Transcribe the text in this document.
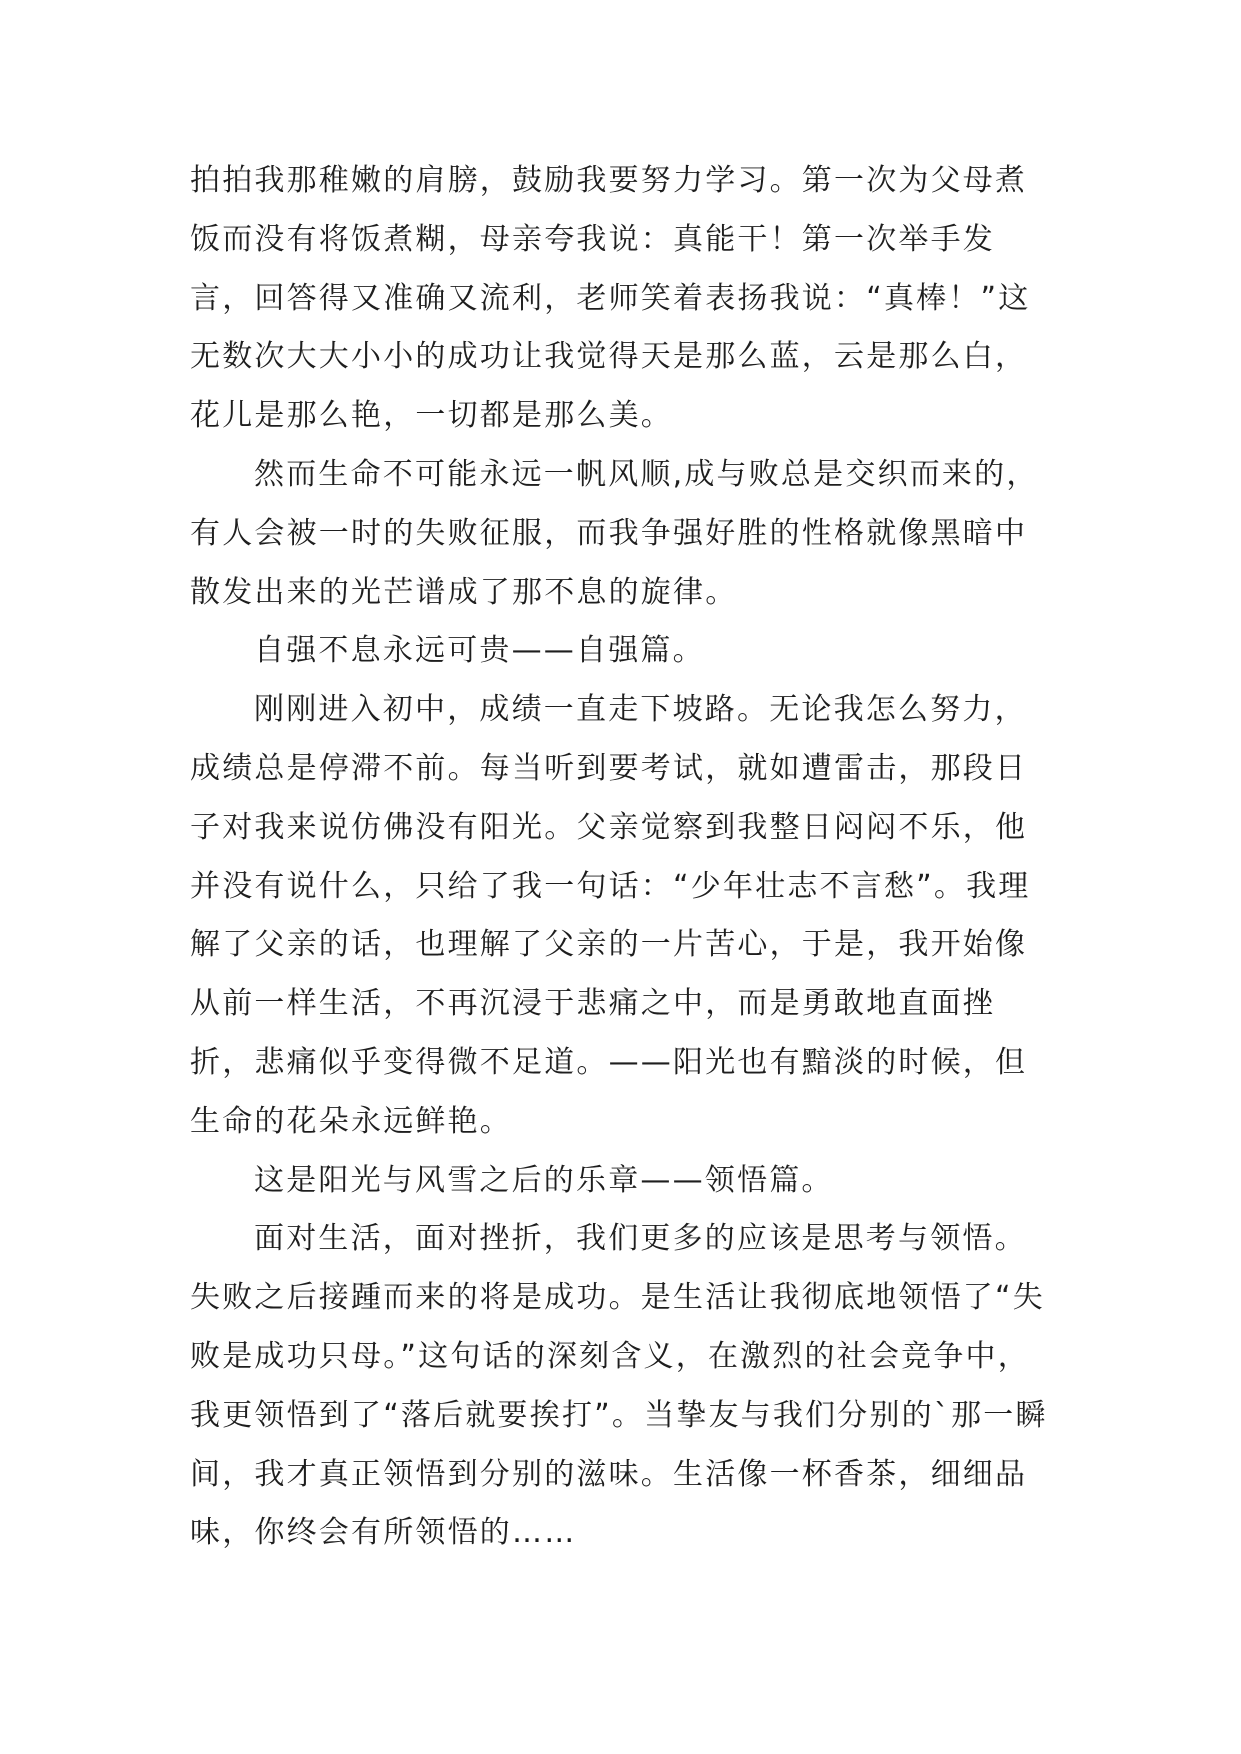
拍拍我那稚嫩的肩膀，鼓励我要努力学习。第一次为父母煮饭而没有将饭煮糊，母亲夸我说：真能干！第一次举手发言，回答得又准确又流利，老师笑着表扬我说：“真棒！”这无数次大大小小的成功让我觉得天是那么蓝，云是那么白，花儿是那么艳，一切都是那么美。

然而生命不可能永远一帆风顺,成与败总是交织而来的，有人会被一时的失败征服，而我争强好胜的性格就像黑暗中散发出来的光芒谱成了那不息的旋律。

自强不息永远可贵——自强篇。

刚刚进入初中，成绩一直走下坡路。无论我怎么努力，成绩总是停滞不前。每当听到要考试，就如遭雷击，那段日子对我来说仿佛没有阳光。父亲觉察到我整日闷闷不乐，他并没有说什么，只给了我一句话：“少年壮志不言愁”。我理解了父亲的话，也理解了父亲的一片苦心，于是，我开始像从前一样生活，不再沉浸于悲痛之中，而是勇敢地直面挫折，悲痛似乎变得微不足道。——阳光也有黯淡的时候，但生命的花朵永远鲜艳。

这是阳光与风雪之后的乐章——领悟篇。

面对生活，面对挫折，我们更多的应该是思考与领悟。失败之后接踵而来的将是成功。是生活让我彻底地领悟了“失败是成功只母。”这句话的深刻含义，在激烈的社会竞争中，我更领悟到了“落后就要挨打”。当挚友与我们分别的`那一瞬间，我才真正领悟到分别的滋味。生活像一杯香茶，细细品味，你终会有所领悟的……
